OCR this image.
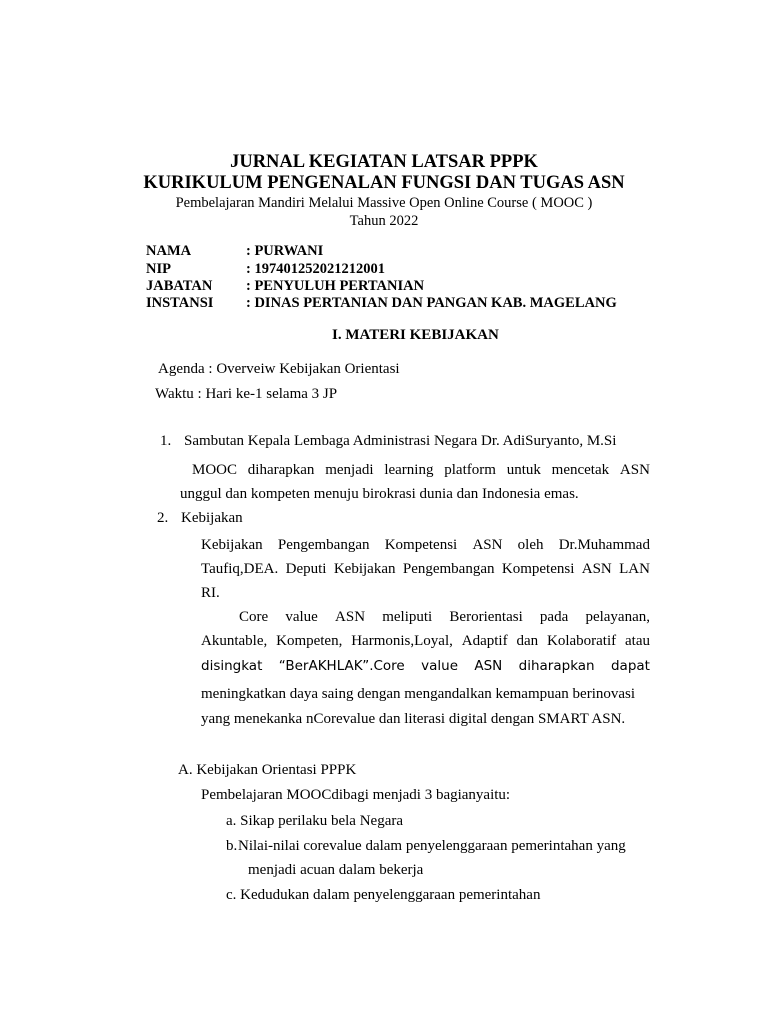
JURNAL KEGIATAN LATSAR PPPK
KURIKULUM PENGENALAN FUNGSI DAN TUGAS ASN
Pembelajaran Mandiri Melalui Massive Open Online Course ( MOOC )
Tahun 2022
NAMA	: PURWANI
NIP	: 197401252021212001
JABATAN : PENYULUH PERTANIAN
INSTANSI : DINAS PERTANIAN DAN PANGAN KAB. MAGELANG
I. MATERI KEBIJAKAN
Agenda : Overveiw Kebijakan Orientasi
Waktu : Hari ke-1 selama 3 JP
1. Sambutan Kepala Lembaga Administrasi Negara Dr. AdiSuryanto, M.Si
MOOC diharapkan menjadi learning platform untuk mencetak ASN
unggul dan kompeten menuju birokrasi dunia dan Indonesia emas.
2. Kebijakan
Kebijakan Pengembangan Kompetensi ASN oleh Dr.Muhammad
Taufiq,DEA. Deputi Kebijakan Pengembangan Kompetensi ASN LAN
RI.
Core value ASN meliputi Berorientasi pada pelayanan,
Akuntable, Kompeten, Harmonis,Loyal, Adaptif dan Kolaboratif atau
disingkat “BerAKHLAK”.Core value ASN diharapkan dapat
meningkatkan daya saing dengan mengandalkan kemampuan berinovasi
yang menekanka nCorevalue dan literasi digital dengan SMART ASN.
A. Kebijakan Orientasi PPPK
Pembelajaran MOOCdibagi menjadi 3 bagianyaitu:
a. Sikap perilaku bela Negara
b. Nilai-nilai corevalue dalam penyelenggaraan pemerintahan yang
menjadi acuan dalam bekerja
c. Kedudukan dalam penyelenggaraan pemerintahan
